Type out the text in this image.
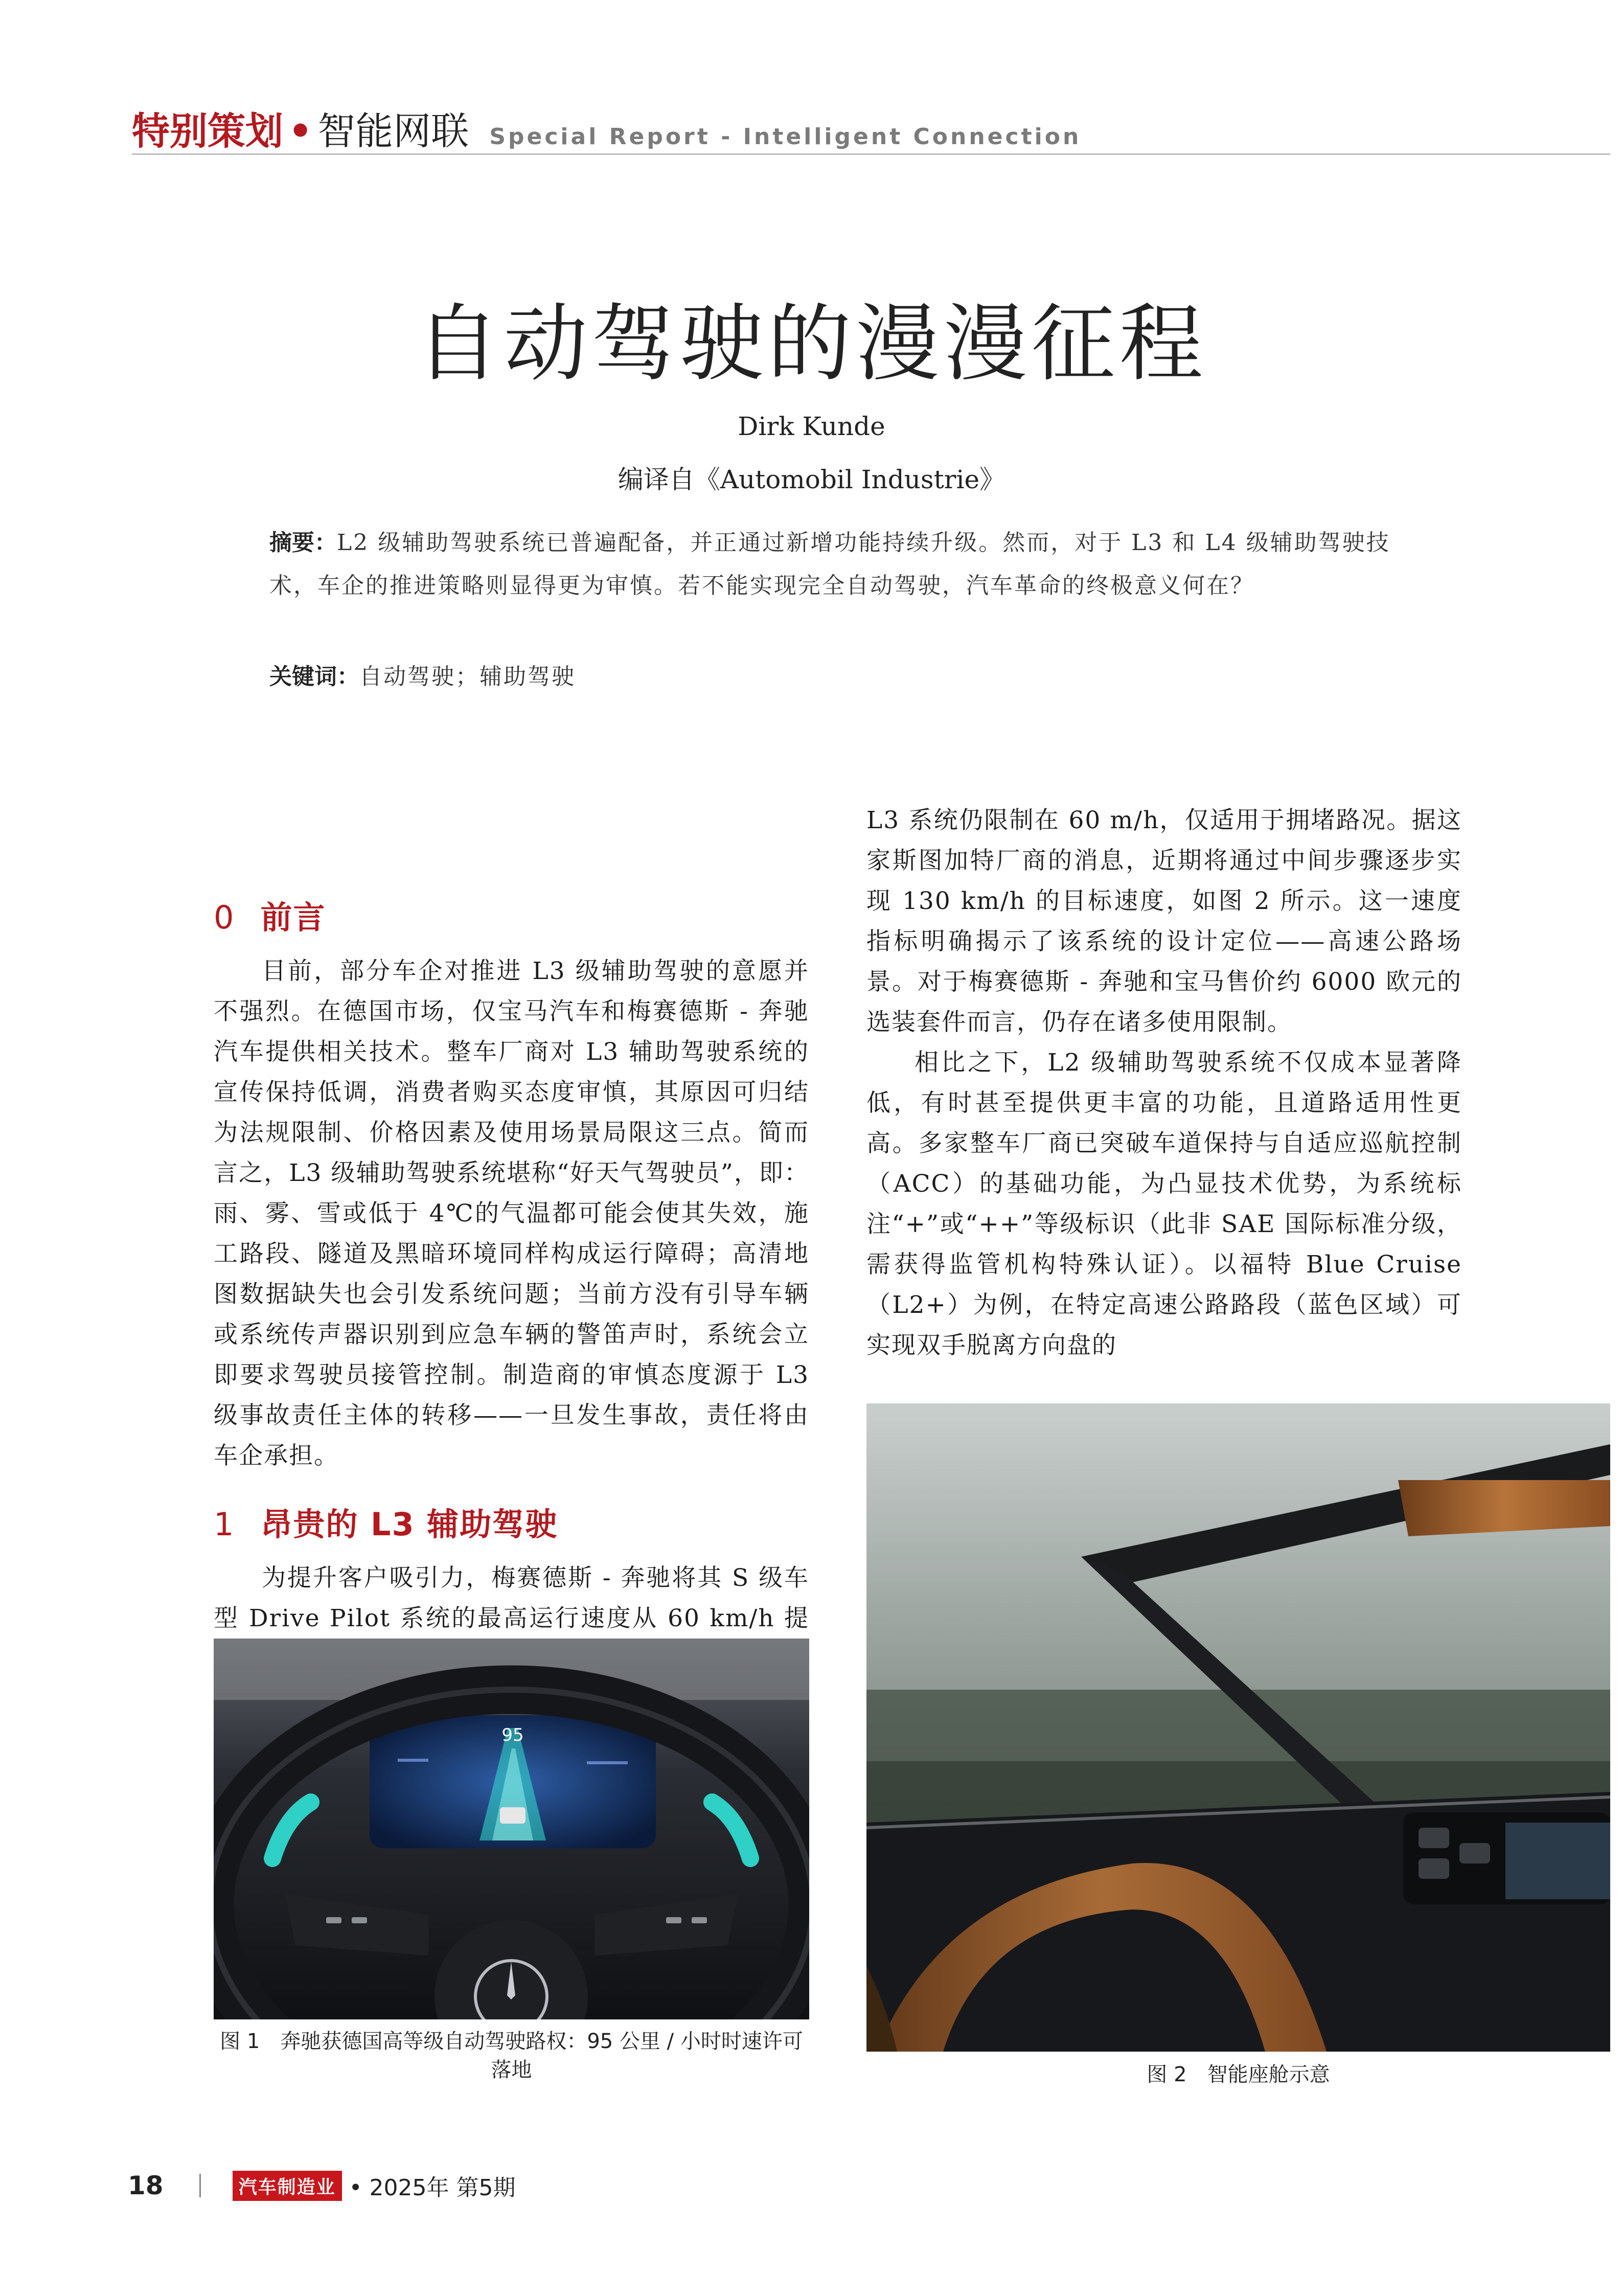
特别策划 • 智能网联 Special Report - Intelligent Connection
自动驾驶的漫漫征程
Dirk Kunde
编译自《Automobil Industrie》
摘要：L2 级辅助驾驶系统已普遍配备，并正通过新增功能持续升级。然而，对于 L3 和 L4 级辅助驾驶技术，车企的推进策略则显得更为审慎。若不能实现完全自动驾驶，汽车革命的终极意义何在？
关键词：自动驾驶；辅助驾驶
0 前言

目前，部分车企对推进 L3 级辅助驾驶的意愿并不强烈。在德国市场，仅宝马汽车和梅赛德斯 - 奔驰汽车提供相关技术。整车厂商对 L3 辅助驾驶系统的宣传保持低调，消费者购买态度审慎，其原因可归结为法规限制、价格因素及使用场景局限这三点。简而言之，L3 级辅助驾驶系统堪称“好天气驾驶员”，即：雨、雾、雪或低于 4℃的气温都可能会使其失效，施工路段、隧道及黑暗环境同样构成运行障碍；高清地图数据缺失也会引发系统问题；当前方没有引导车辆或系统传声器识别到应急车辆的警笛声时，系统会立即要求驾驶员接管控制。制造商的审慎态度源于 L3 级事故责任主体的转移——一旦发生事故，责任将由车企承担。

1 昂贵的 L3 辅助驾驶

为提升客户吸引力，梅赛德斯 - 奔驰将其 S 级车型 Drive Pilot 系统的最高运行速度从 60 km/h 提

L3 系统仍限制在 60 m/h，仅适用于拥堵路况。据这家斯图加特厂商的消息，近期将通过中间步骤逐步实现 130 km/h 的目标速度，如图 2 所示。这一速度指标明确揭示了该系统的设计定位——高速公路场景。对于梅赛德斯 - 奔驰和宝马售价约 6000 欧元的选装套件而言，仍存在诸多使用限制。

相比之下，L2 级辅助驾驶系统不仅成本显著降低，有时甚至提供更丰富的功能，且道路适用性更高。多家整车厂商已突破车道保持与自适应巡航控制（ACC）的基础功能，为凸显技术优势，为系统标注“+”或“++”等级标识（此非 SAE 国际标准分级，需获得监管机构特殊认证）。以福特 Blue Cruise（L2+）为例，在特定高速公路路段（蓝色区域）可实现双手脱离方向盘的

95
图 1　奔驰获德国高等级自动驾驶路权：95 公里 / 小时时速许可落地	图 2　智能座舱示意
18	汽车制造业 • 2025年 第5期
